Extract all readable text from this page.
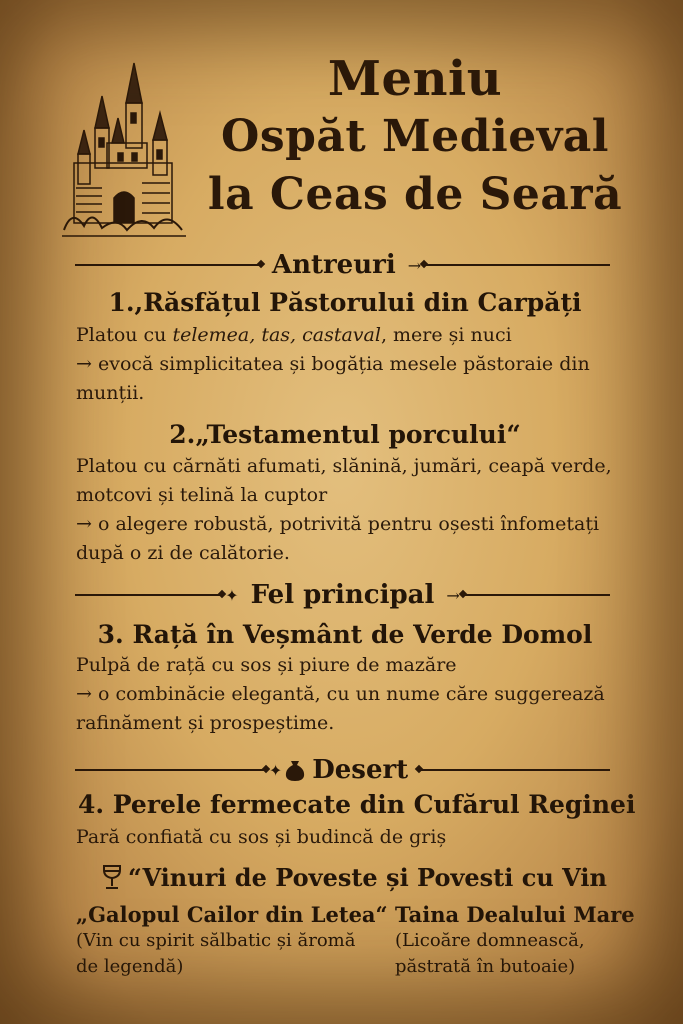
Meniu
Ospăt Medieval
la Ceas de Seară
Antreuri →
1.,Răsfățul Păstorului din Carpăți

Platou cu telemea, tas, castaval, mere și nuci

→ evocă simplicitatea și bogăția mesele păstoraie din munții.

2.„Testamentul porcului“

Platou cu cărnăti afumati, slănină, jumări, ceapă verde, motcovi și telină la cuptor

→ o alegere robustă, potrivită pentru oșesti înfometați după o zi de calătorie.

✦ Fel principal →
3. Rață în Veșmânt de Verde Domol

Pulpă de rață cu sos și piure de mazăre

→ o combinăcie elegantă, cu un nume căre suggerează rafinăment și prospeștime.

✦ Desert
4. Perele fermecate din Cufărul Reginei

Pară confiată cu sos și budincă de griș

“Vinuri de Poveste și Povesti cu Vin
„Galopul Cailor din Letea“
(Vin cu spirit sălbatic și ăromă
de legendă)
Taina Dealului Mare
(Licoăre domnească,
păstrată în butoaie)
